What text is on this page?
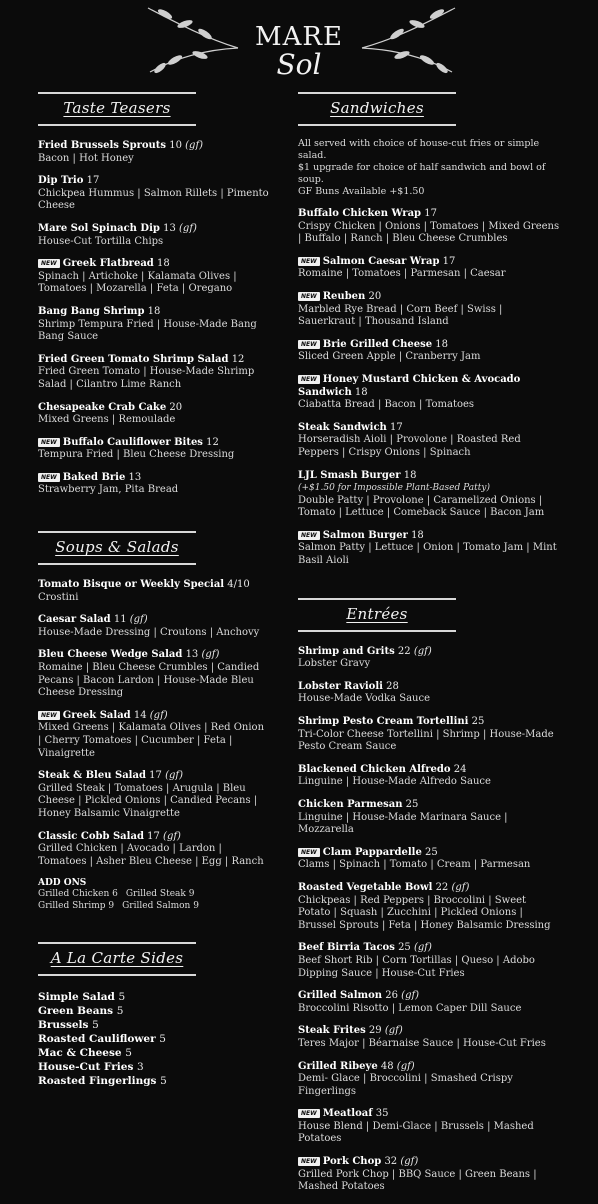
MARE
Sol
Taste Teasers
Fried Brussels Sprouts 10 (gf)
Bacon | Hot Honey
Dip Trio 17
Chickpea Hummus | Salmon Rillets | Pimento Cheese
Mare Sol Spinach Dip 13 (gf)
House-Cut Tortilla Chips
NEW Greek Flatbread 18
Spinach | Artichoke | Kalamata Olives | Tomatoes | Mozarella | Feta | Oregano
Bang Bang Shrimp 18
Shrimp Tempura Fried | House-Made Bang Bang Sauce
Fried Green Tomato Shrimp Salad 12
Fried Green Tomato | House-Made Shrimp Salad | Cilantro Lime Ranch
Chesapeake Crab Cake 20
Mixed Greens | Remoulade
NEW Buffalo Cauliflower Bites 12
Tempura Fried | Bleu Cheese Dressing
NEW Baked Brie 13
Strawberry Jam, Pita Bread
Soups & Salads
Tomato Bisque or Weekly Special 4/10
Crostini
Caesar Salad 11 (gf)
House-Made Dressing | Croutons | Anchovy
Bleu Cheese Wedge Salad 13 (gf)
Romaine | Bleu Cheese Crumbles | Candied Pecans | Bacon Lardon | House-Made Bleu Cheese Dressing
NEW Greek Salad 14 (gf)
Mixed Greens | Kalamata Olives | Red Onion | Cherry Tomatoes | Cucumber | Feta | Vinaigrette
Steak & Bleu Salad 17 (gf)
Grilled Steak | Tomatoes | Arugula | Bleu Cheese | Pickled Onions | Candied Pecans | Honey Balsamic Vinaigrette
Classic Cobb Salad 17 (gf)
Grilled Chicken | Avocado | Lardon | Tomatoes | Asher Bleu Cheese | Egg | Ranch
ADD ONS
Grilled Chicken 6 Grilled Steak 9
Grilled Shrimp 9 Grilled Salmon 9
A La Carte Sides
Simple Salad 5
Green Beans 5
Brussels 5
Roasted Cauliflower 5
Mac & Cheese 5
House-Cut Fries 3
Roasted Fingerlings 5
Sandwiches
All served with choice of house-cut fries or simple salad.
$1 upgrade for choice of half sandwich and bowl of soup.
GF Buns Available +$1.50
Buffalo Chicken Wrap 17
Crispy Chicken | Onions | Tomatoes | Mixed Greens | Buffalo | Ranch | Bleu Cheese Crumbles
NEW Salmon Caesar Wrap 17
Romaine | Tomatoes | Parmesan | Caesar
NEW Reuben 20
Marbled Rye Bread | Corn Beef | Swiss | Sauerkraut | Thousand Island
NEW Brie Grilled Cheese 18
Sliced Green Apple | Cranberry Jam
NEW Honey Mustard Chicken & Avocado Sandwich 18
Ciabatta Bread | Bacon | Tomatoes
Steak Sandwich 17
Horseradish Aioli | Provolone | Roasted Red Peppers | Crispy Onions | Spinach
LJL Smash Burger 18
(+$1.50 for Impossible Plant-Based Patty)
Double Patty | Provolone | Caramelized Onions | Tomato | Lettuce | Comeback Sauce | Bacon Jam
NEW Salmon Burger 18
Salmon Patty | Lettuce | Onion | Tomato Jam | Mint Basil Aioli
Entrées
Shrimp and Grits 22 (gf)
Lobster Gravy
Lobster Ravioli 28
House-Made Vodka Sauce
Shrimp Pesto Cream Tortellini 25
Tri-Color Cheese Tortellini | Shrimp | House-Made Pesto Cream Sauce
Blackened Chicken Alfredo 24
Linguine | House-Made Alfredo Sauce
Chicken Parmesan 25
Linguine | House-Made Marinara Sauce | Mozzarella
NEW Clam Pappardelle 25
Clams | Spinach | Tomato | Cream | Parmesan
Roasted Vegetable Bowl 22 (gf)
Chickpeas | Red Peppers | Broccolini | Sweet Potato | Squash | Zucchini | Pickled Onions | Brussel Sprouts | Feta | Honey Balsamic Dressing
Beef Birria Tacos 25 (gf)
Beef Short Rib | Corn Tortillas | Queso | Adobo Dipping Sauce | House-Cut Fries
Grilled Salmon 26 (gf)
Broccolini Risotto | Lemon Caper Dill Sauce
Steak Frites 29 (gf)
Teres Major | Béarnaise Sauce | House-Cut Fries
Grilled Ribeye 48 (gf)
Demi- Glace | Broccolini | Smashed Crispy Fingerlings
NEW Meatloaf 35
House Blend | Demi-Glace | Brussels | Mashed Potatoes
NEW Pork Chop 32 (gf)
Grilled Pork Chop | BBQ Sauce | Green Beans | Mashed Potatoes
